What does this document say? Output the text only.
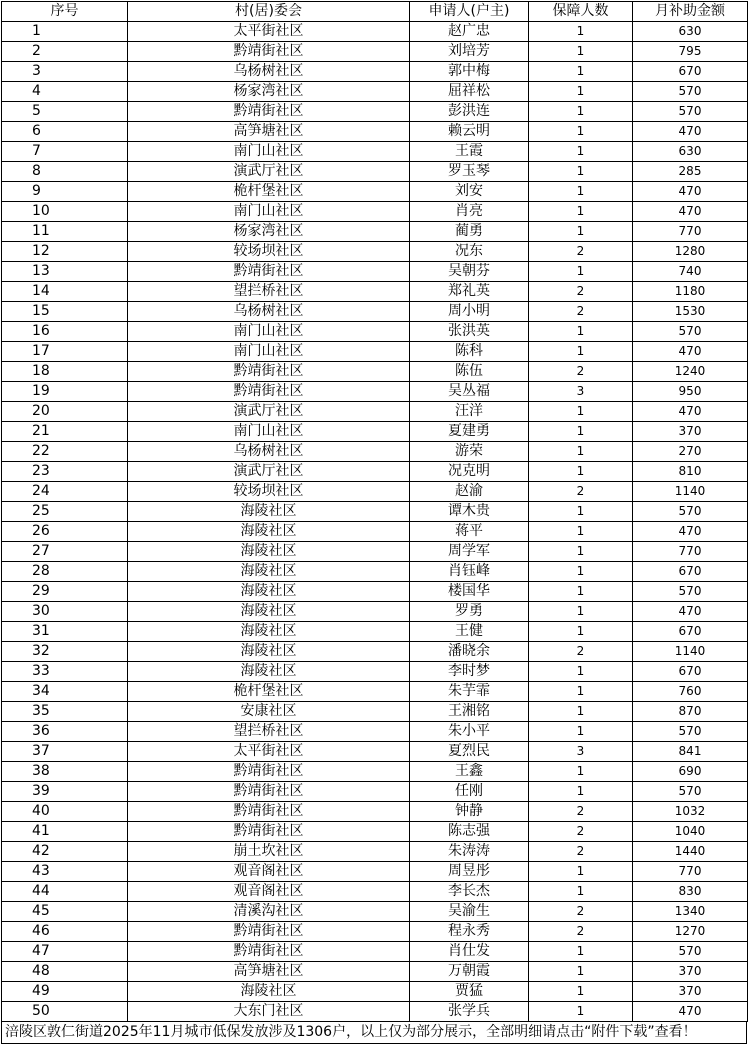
序号	村(居)委会	申请人(户主)	保障人数	月补助金额
1	太平街社区	赵广忠	1	630
2	黔靖街社区	刘培芳	1	795
3	乌杨树社区	郭中梅	1	670
4	杨家湾社区	屈祥松	1	570
5	黔靖街社区	彭洪连	1	570
6	高笋塘社区	赖云明	1	470
7	南门山社区	王霞	1	630
8	演武厅社区	罗玉琴	1	285
9	桅杆堡社区	刘安	1	470
10	南门山社区	肖亮	1	470
11	杨家湾社区	蔺勇	1	770
12	较场坝社区	况东	2	1280
13	黔靖街社区	吴朝芬	1	740
14	望拦桥社区	郑礼英	2	1180
15	乌杨树社区	周小明	2	1530
16	南门山社区	张洪英	1	570
17	南门山社区	陈科	1	470
18	黔靖街社区	陈伍	2	1240
19	黔靖街社区	吴丛福	3	950
20	演武厅社区	汪洋	1	470
21	南门山社区	夏建勇	1	370
22	乌杨树社区	游荣	1	270
23	演武厅社区	况克明	1	810
24	较场坝社区	赵渝	2	1140
25	海陵社区	谭木贵	1	570
26	海陵社区	蒋平	1	470
27	海陵社区	周学军	1	770
28	海陵社区	肖钰峰	1	670
29	海陵社区	楼国华	1	570
30	海陵社区	罗勇	1	470
31	海陵社区	王健	1	670
32	海陵社区	潘晓余	2	1140
33	海陵社区	李时梦	1	670
34	桅杆堡社区	朱芋霏	1	760
35	安康社区	王湘铭	1	870
36	望拦桥社区	朱小平	1	570
37	太平街社区	夏烈民	3	841
38	黔靖街社区	王鑫	1	690
39	黔靖街社区	任刚	1	570
40	黔靖街社区	钟静	2	1032
41	黔靖街社区	陈志强	2	1040
42	崩土坎社区	朱涛涛	2	1440
43	观音阁社区	周昱彤	1	770
44	观音阁社区	李长杰	1	830
45	清溪沟社区	吴渝生	2	1340
46	黔靖街社区	程永秀	2	1270
47	黔靖街社区	肖仕发	1	570
48	高笋塘社区	万朝霞	1	370
49	海陵社区	贾猛	1	370
50	大东门社区	张学兵	1	470
涪陵区敦仁街道2025年11月城市低保发放涉及1306户，以上仅为部分展示，全部明细请点击“附件下载”查看！
